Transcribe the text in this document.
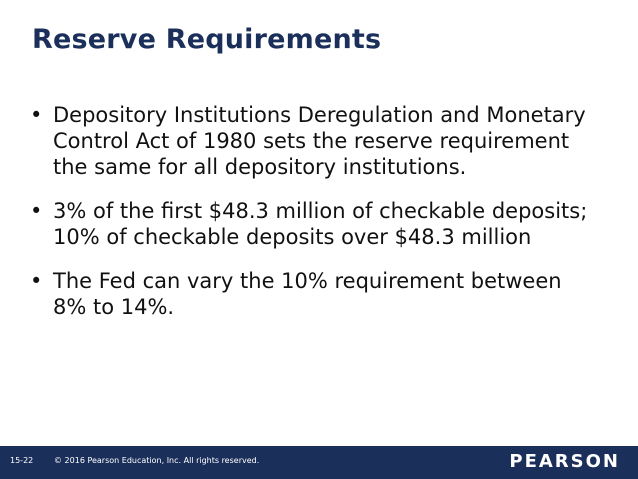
Reserve Requirements
• Depository Institutions Deregulation and Monetary Control Act of 1980 sets the reserve requirement the same for all depository institutions.
• 3% of the first $48.3 million of checkable deposits; 10% of checkable deposits over $48.3 million
• The Fed can vary the 10% requirement between 8% to 14%.
15-22	© 2016 Pearson Education, Inc. All rights reserved.	PEARSON
